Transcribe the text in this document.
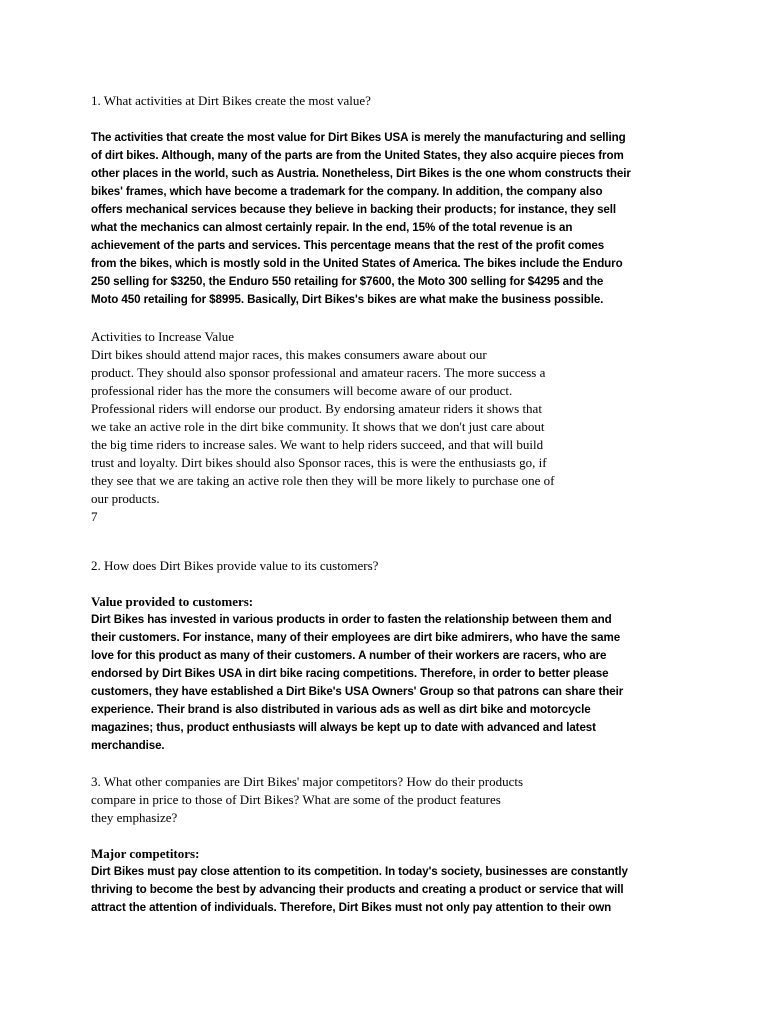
1. What activities at Dirt Bikes create the most value?
The activities that create the most value for Dirt Bikes USA is merely the manufacturing and selling
of dirt bikes. Although, many of the parts are from the United States, they also acquire pieces from
other places in the world, such as Austria. Nonetheless, Dirt Bikes is the one whom constructs their
bikes' frames, which have become a trademark for the company. In addition, the company also
offers mechanical services because they believe in backing their products; for instance, they sell
what the mechanics can almost certainly repair. In the end, 15% of the total revenue is an
achievement of the parts and services. This percentage means that the rest of the profit comes
from the bikes, which is mostly sold in the United States of America. The bikes include the Enduro
250 selling for $3250, the Enduro 550 retailing for $7600, the Moto 300 selling for $4295 and the
Moto 450 retailing for $8995. Basically, Dirt Bikes's bikes are what make the business possible.
Activities to Increase Value
Dirt bikes should attend major races, this makes consumers aware about our
product. They should also sponsor professional and amateur racers. The more success a
professional rider has the more the consumers will become aware of our product.
Professional riders will endorse our product. By endorsing amateur riders it shows that
we take an active role in the dirt bike community. It shows that we don't just care about
the big time riders to increase sales. We want to help riders succeed, and that will build
trust and loyalty. Dirt bikes should also Sponsor races, this is were the enthusiasts go, if
they see that we are taking an active role then they will be more likely to purchase one of
our products.
7
2. How does Dirt Bikes provide value to its customers?
Value provided to customers:
Dirt Bikes has invested in various products in order to fasten the relationship between them and
their customers. For instance, many of their employees are dirt bike admirers, who have the same
love for this product as many of their customers. A number of their workers are racers, who are
endorsed by Dirt Bikes USA in dirt bike racing competitions. Therefore, in order to better please
customers, they have established a Dirt Bike's USA Owners' Group so that patrons can share their
experience. Their brand is also distributed in various ads as well as dirt bike and motorcycle
magazines; thus, product enthusiasts will always be kept up to date with advanced and latest
merchandise.
3. What other companies are Dirt Bikes' major competitors? How do their products
compare in price to those of Dirt Bikes? What are some of the product features
they emphasize?
Major competitors:
Dirt Bikes must pay close attention to its competition. In today's society, businesses are constantly
thriving to become the best by advancing their products and creating a product or service that will
attract the attention of individuals. Therefore, Dirt Bikes must not only pay attention to their own
